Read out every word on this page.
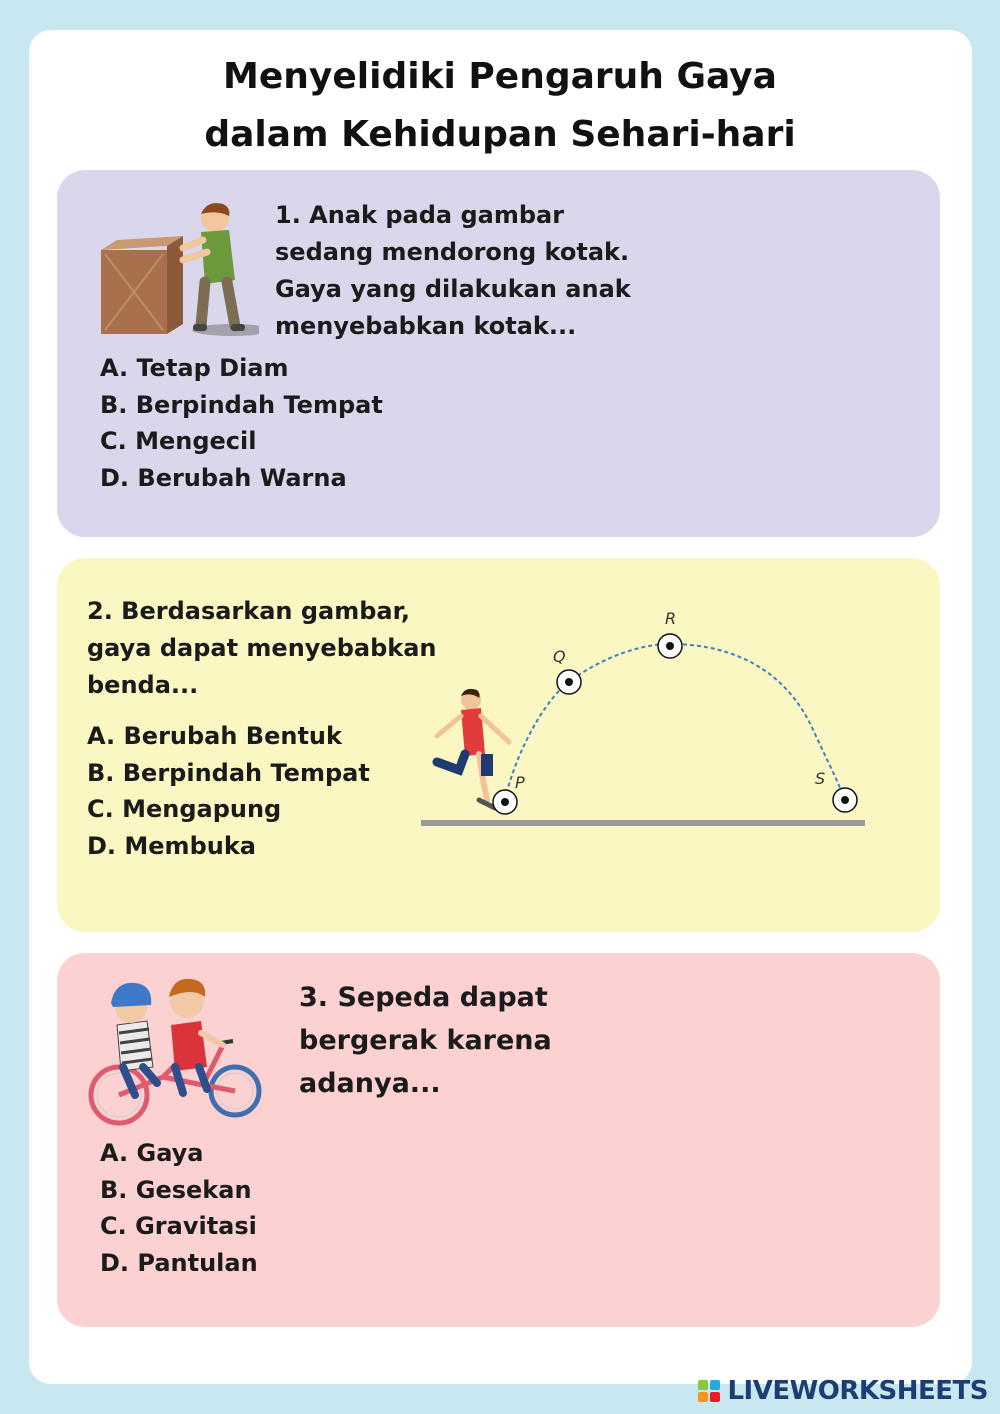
Menyelidiki Pengaruh Gaya
dalam Kehidupan Sehari-hari
1. Anak pada gambar
sedang mendorong kotak.
Gaya yang dilakukan anak
menyebabkan kotak...
A. Tetap Diam
B. Berpindah Tempat
C. Mengecil
D. Berubah Warna
2. Berdasarkan gambar,
gaya dapat menyebabkan
benda...
A. Berubah Bentuk
B. Berpindah Tempat
C. Mengapung
D. Membuka
P
Q
R
S
3. Sepeda dapat
bergerak karena
adanya...
A. Gaya
B. Gesekan
C. Gravitasi
D. Pantulan
LIVEWORKSHEETS
